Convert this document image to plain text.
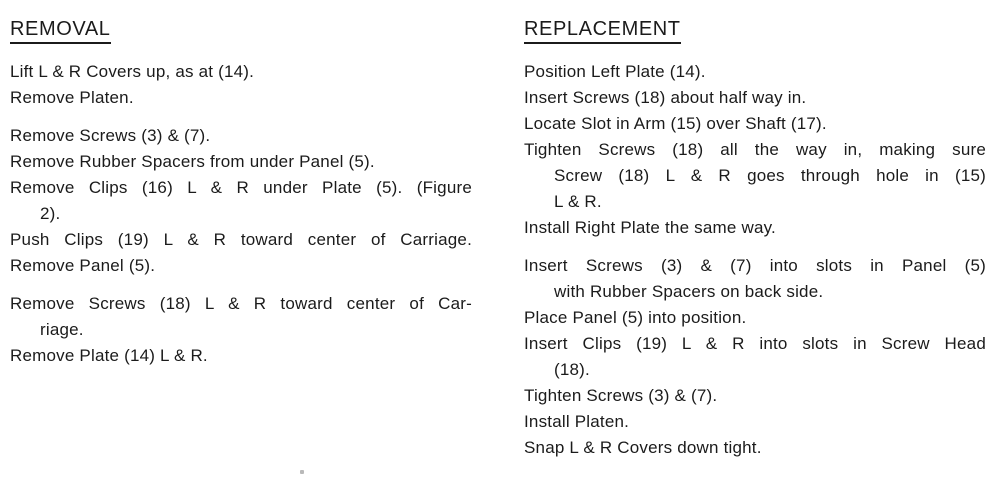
REMOVAL
Lift L & R Covers up, as at (14).
Remove Platen.
Remove Screws (3) & (7).
Remove Rubber Spacers from under Panel (5).
Remove Clips (16) L & R under Plate (5). (Figure
2).
Push Clips (19) L & R toward center of Carriage.
Remove Panel (5).
Remove Screws (18) L & R toward center of Car-
riage.
Remove Plate (14) L & R.
REPLACEMENT
Position Left Plate (14).
Insert Screws (18) about half way in.
Locate Slot in Arm (15) over Shaft (17).
Tighten Screws (18) all the way in, making sure
Screw (18) L & R goes through hole in (15)
L & R.
Install Right Plate the same way.
Insert Screws (3) & (7) into slots in Panel (5)
with Rubber Spacers on back side.
Place Panel (5) into position.
Insert Clips (19) L & R into slots in Screw Head
(18).
Tighten Screws (3) & (7).
Install Platen.
Snap L & R Covers down tight.
